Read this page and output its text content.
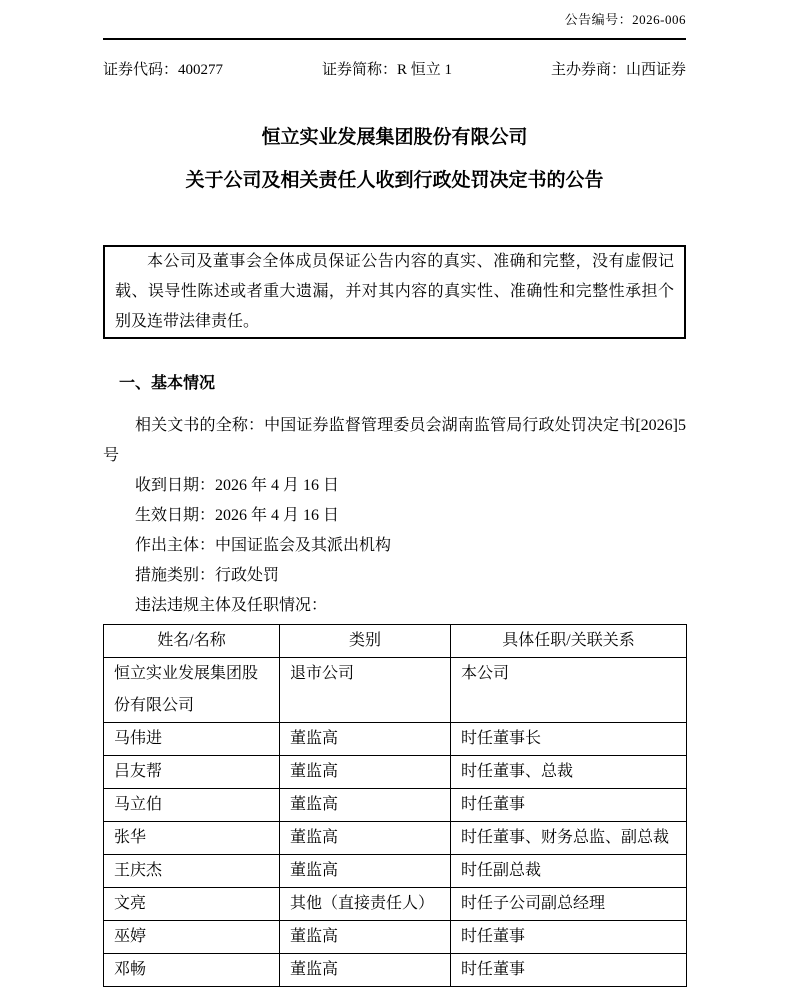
公告编号：2026-006
证券代码：400277	证券简称：R 恒立 1	主办券商：山西证券
恒立实业发展集团股份有限公司
关于公司及相关责任人收到行政处罚决定书的公告

本公司及董事会全体成员保证公告内容的真实、准确和完整，没有虚假记载、误导性陈述或者重大遗漏，并对其内容的真实性、准确性和完整性承担个别及连带法律责任。

一、基本情况

相关文书的全称：中国证券监督管理委员会湖南监管局行政处罚决定书[2026]5 号

收到日期：2026 年 4 月 16 日

生效日期：2026 年 4 月 16 日

作出主体：中国证监会及其派出机构

措施类别：行政处罚

违法违规主体及任职情况：

姓名/名称	类别	具体任职/关联关系
恒立实业发展集团股份有限公司	退市公司	本公司
马伟进	董监高	时任董事长
吕友帮	董监高	时任董事、总裁
马立伯	董监高	时任董事
张华	董监高	时任董事、财务总监、副总裁
王庆杰	董监高	时任副总裁
文亮	其他（直接责任人）	时任子公司副总经理
巫婷	董监高	时任董事
邓畅	董监高	时任董事
